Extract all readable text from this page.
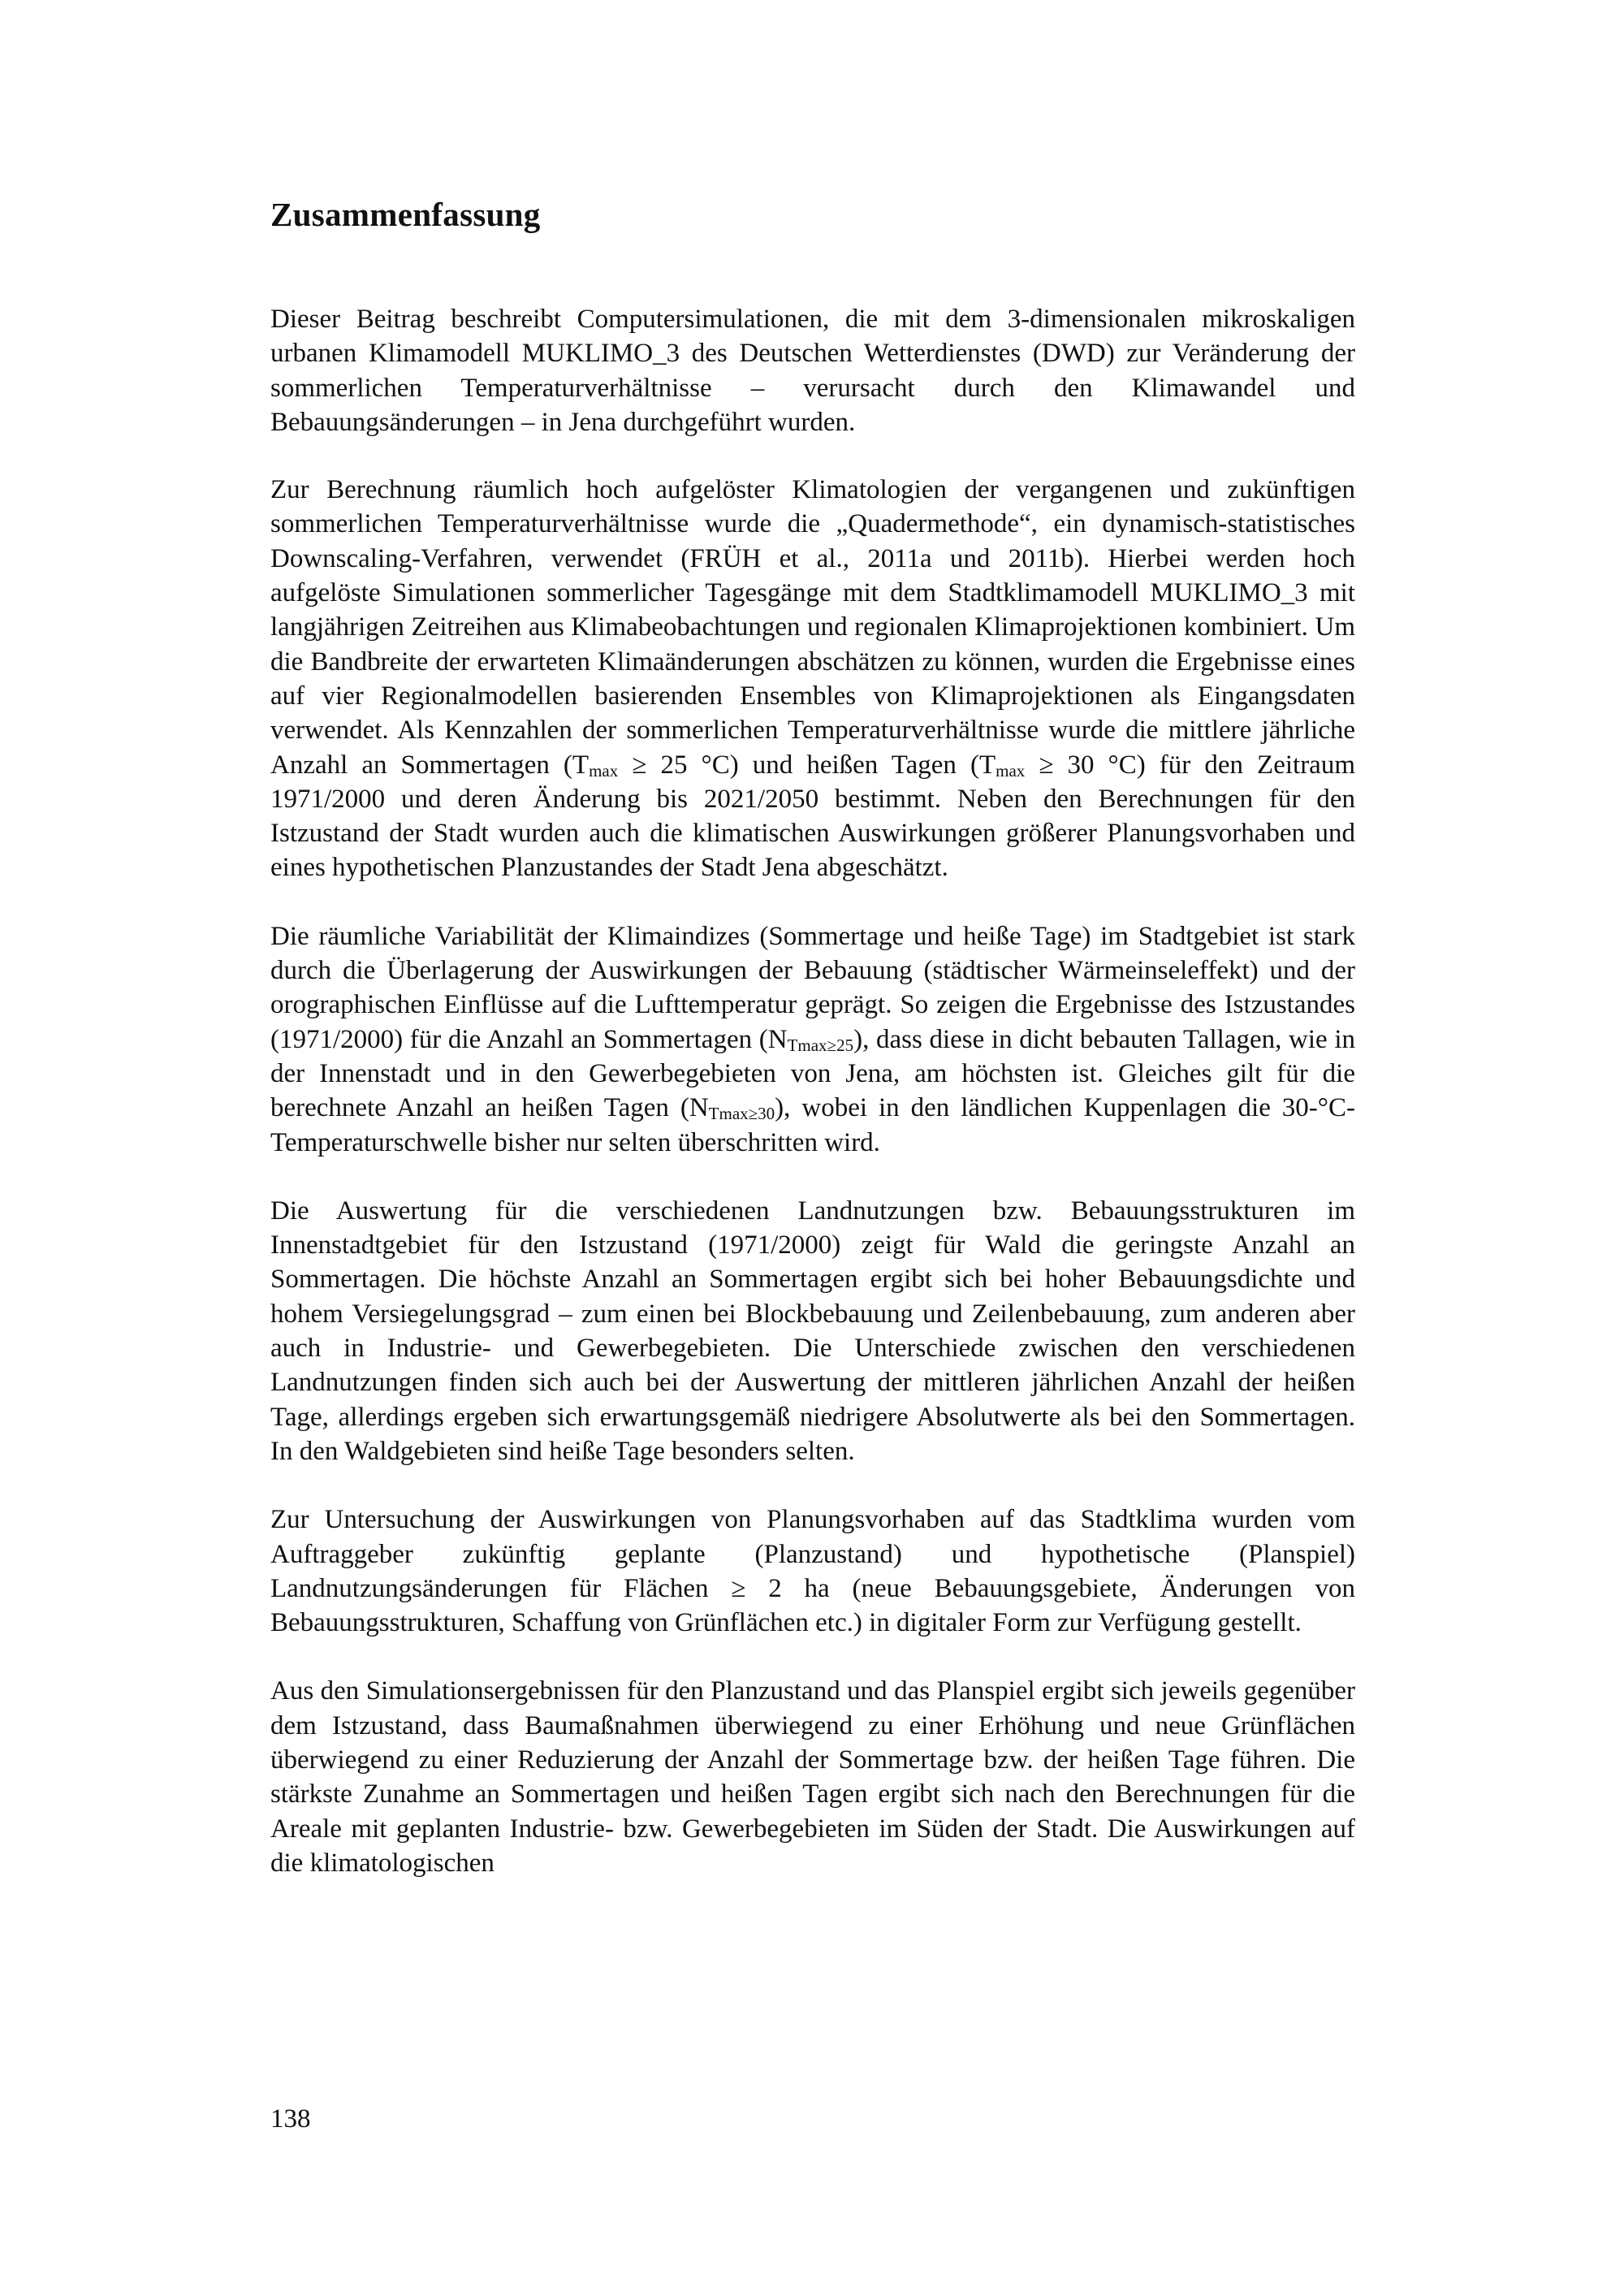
Zusammenfassung

Dieser Beitrag beschreibt Computersimulationen, die mit dem 3-dimensionalen mikroskaligen urbanen Klimamodell MUKLIMO_3 des Deutschen Wetterdienstes (DWD) zur Veränderung der sommerlichen Temperaturverhältnisse – verursacht durch den Klimawandel und Bebauungsänderungen – in Jena durchgeführt wurden.

Zur Berechnung räumlich hoch aufgelöster Klimatologien der vergangenen und zukünftigen sommerlichen Temperaturverhältnisse wurde die „Quadermethode“, ein dynamisch-statistisches Downscaling-Verfahren, verwendet (FRÜH et al., 2011a und 2011b). Hierbei werden hoch aufgelöste Simulationen sommerlicher Tagesgänge mit dem Stadtklimamodell MUKLIMO_3 mit langjährigen Zeitreihen aus Klimabeobachtungen und regionalen Klimaprojektionen kombiniert. Um die Bandbreite der erwarteten Klimaänderungen abschätzen zu können, wurden die Ergebnisse eines auf vier Regionalmodellen basierenden Ensembles von Klimaprojektionen als Eingangsdaten verwendet. Als Kennzahlen der sommerlichen Temperaturverhältnisse wurde die mittlere jährliche Anzahl an Sommertagen (Tmax ≥ 25 °C) und heißen Tagen (Tmax ≥ 30 °C) für den Zeitraum 1971/2000 und deren Änderung bis 2021/2050 bestimmt. Neben den Berechnungen für den Istzustand der Stadt wurden auch die klimatischen Auswirkungen größerer Planungsvorhaben und eines hypothetischen Planzustandes der Stadt Jena abgeschätzt.

Die räumliche Variabilität der Klimaindizes (Sommertage und heiße Tage) im Stadtgebiet ist stark durch die Überlagerung der Auswirkungen der Bebauung (städtischer Wärmeinseleffekt) und der orographischen Einflüsse auf die Lufttemperatur geprägt. So zeigen die Ergebnisse des Istzustandes (1971/2000) für die Anzahl an Sommertagen (NTmax≥25), dass diese in dicht bebauten Tallagen, wie in der Innenstadt und in den Gewerbegebieten von Jena, am höchsten ist. Gleiches gilt für die berechnete Anzahl an heißen Tagen (NTmax≥30), wobei in den ländlichen Kuppenlagen die 30-°C-Temperaturschwelle bisher nur selten überschritten wird.

Die Auswertung für die verschiedenen Landnutzungen bzw. Bebauungsstrukturen im Innenstadtgebiet für den Istzustand (1971/2000) zeigt für Wald die geringste Anzahl an Sommertagen. Die höchste Anzahl an Sommertagen ergibt sich bei hoher Bebauungsdichte und hohem Versiegelungsgrad – zum einen bei Blockbebauung und Zeilenbebauung, zum anderen aber auch in Industrie- und Gewerbegebieten. Die Unterschiede zwischen den verschiedenen Landnutzungen finden sich auch bei der Auswertung der mittleren jährlichen Anzahl der heißen Tage, allerdings ergeben sich erwartungsgemäß niedrigere Absolutwerte als bei den Sommertagen. In den Waldgebieten sind heiße Tage besonders selten.

Zur Untersuchung der Auswirkungen von Planungsvorhaben auf das Stadtklima wurden vom Auftraggeber zukünftig geplante (Planzustand) und hypothetische (Planspiel) Landnutzungsänderungen für Flächen ≥ 2 ha (neue Bebauungsgebiete, Änderungen von Bebauungsstrukturen, Schaffung von Grünflächen etc.) in digitaler Form zur Verfügung gestellt.

Aus den Simulationsergebnissen für den Planzustand und das Planspiel ergibt sich jeweils gegenüber dem Istzustand, dass Baumaßnahmen überwiegend zu einer Erhöhung und neue Grünflächen überwiegend zu einer Reduzierung der Anzahl der Sommertage bzw. der heißen Tage führen. Die stärkste Zunahme an Sommertagen und heißen Tagen ergibt sich nach den Berechnungen für die Areale mit geplanten Industrie- bzw. Gewerbegebieten im Süden der Stadt. Die Auswirkungen auf die klimatologischen

138
